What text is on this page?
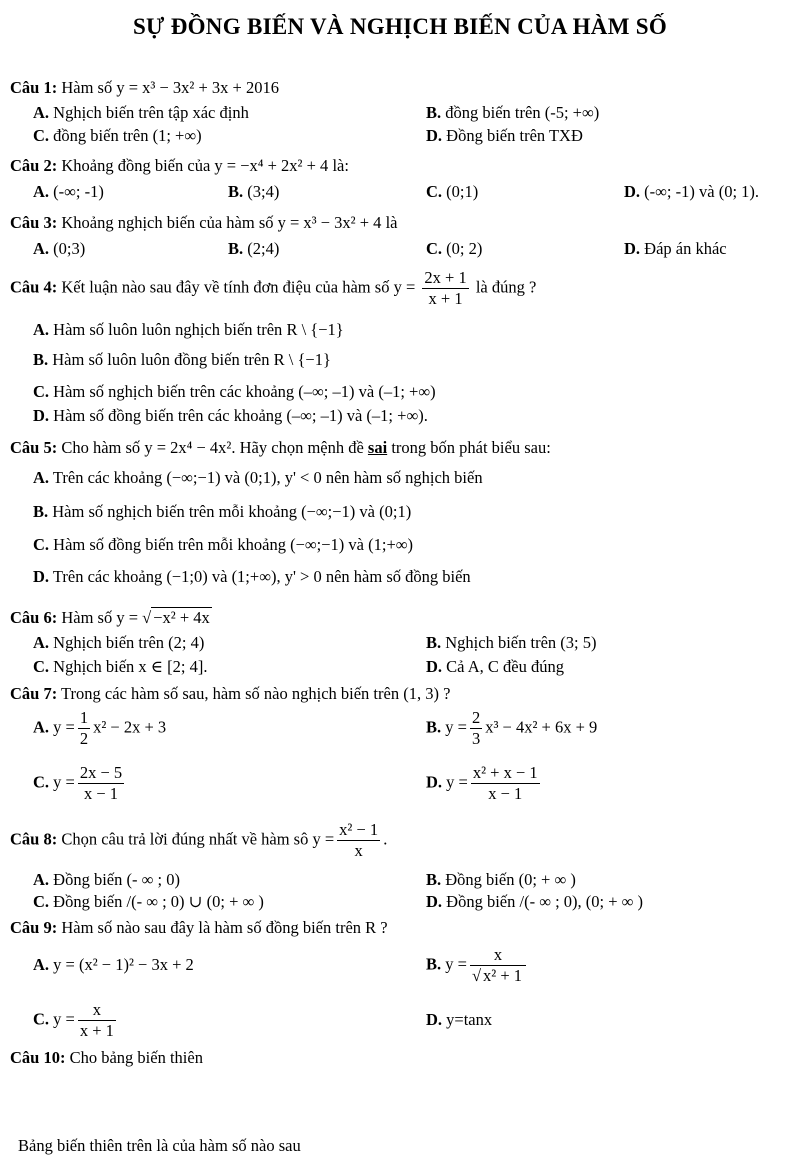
SỰ ĐỒNG BIẾN VÀ NGHỊCH BIẾN CỦA HÀM SỐ
Câu 1: Hàm số y = x³ − 3x² + 3x + 2016
A. Nghịch biến trên tập xác định	B. đồng biến trên (-5; +∞)
C. đồng biến trên (1; +∞)	D. Đồng biến trên TXĐ
Câu 2: Khoảng đồng biến của y = −x⁴ + 2x² + 4 là:
A. (-∞; -1)	B. (3;4)	C. (0;1)	D. (-∞; -1) và (0; 1).
Câu 3: Khoảng nghịch biến của hàm số y = x³ − 3x² + 4 là
A. (0;3)	B. (2;4)	C. (0; 2)	D. Đáp án khác
Câu 4: Kết luận nào sau đây về tính đơn điệu của hàm số $y = \frac{2x + 1}{x + 1}$ là đúng ?
A. Hàm số luôn luôn nghịch biến trên R \ {−1}
B. Hàm số luôn luôn đồng biến trên R \ {−1}
C. Hàm số nghịch biến trên các khoảng (–∞; –1) và (–1; +∞)
D. Hàm số đồng biến trên các khoảng (–∞; –1) và (–1; +∞).
Câu 5: Cho hàm số y = 2x⁴ − 4x². Hãy chọn mệnh đề sai trong bốn phát biểu sau:
A. Trên các khoảng (−∞;−1) và (0;1), y' < 0 nên hàm số nghịch biến
B. Hàm số nghịch biến trên mỗi khoảng (−∞;−1) và (0;1)
C. Hàm số đồng biến trên mỗi khoảng (−∞;−1) và (1;+∞)
D. Trên các khoảng (−1;0) và (1;+∞), y' > 0 nên hàm số đồng biến
Câu 6: Hàm số y = √ −x² + 4x
A. Nghịch biến trên (2; 4)	B. Nghịch biến trên (3; 5)
C. Nghịch biến x ∈ [2; 4].	D. Cả A, C đều đúng
Câu 7: Trong các hàm số sau, hàm số nào nghịch biến trên (1, 3) ?
A. $y = \frac{1}{2} x^2 - 2x + 3$	B. $y = \frac{2}{3} x^3 - 4x^2 + 6x + 9$
C. $y = \frac{2x - 5}{x - 1}$	D. $y = \frac{\text{x² + x − 1}}{x - 1}$
Câu 8: Chọn câu trả lời đúng nhất về hàm sô $y = \frac{\text{x² − 1}}{x}$ .
A. Đồng biến (- ∞ ; 0)	B. Đồng biến (0; + ∞ )
C. Đồng biến /(- ∞ ; 0) ∪ (0; + ∞ )	D. Đồng biến /(- ∞ ; 0), (0; + ∞ )
Câu 9: Hàm số nào sau đây là hàm số đồng biến trên R ?
A. y = (x² − 1)² − 3x + 2	B. $y = \frac{x}{\text{√ x² + 1}}$
C. $y = \frac{x}{x + 1}$	D. y=tanx
Câu 10: Cho bảng biến thiên
Bảng biến thiên trên là của hàm số nào sau
